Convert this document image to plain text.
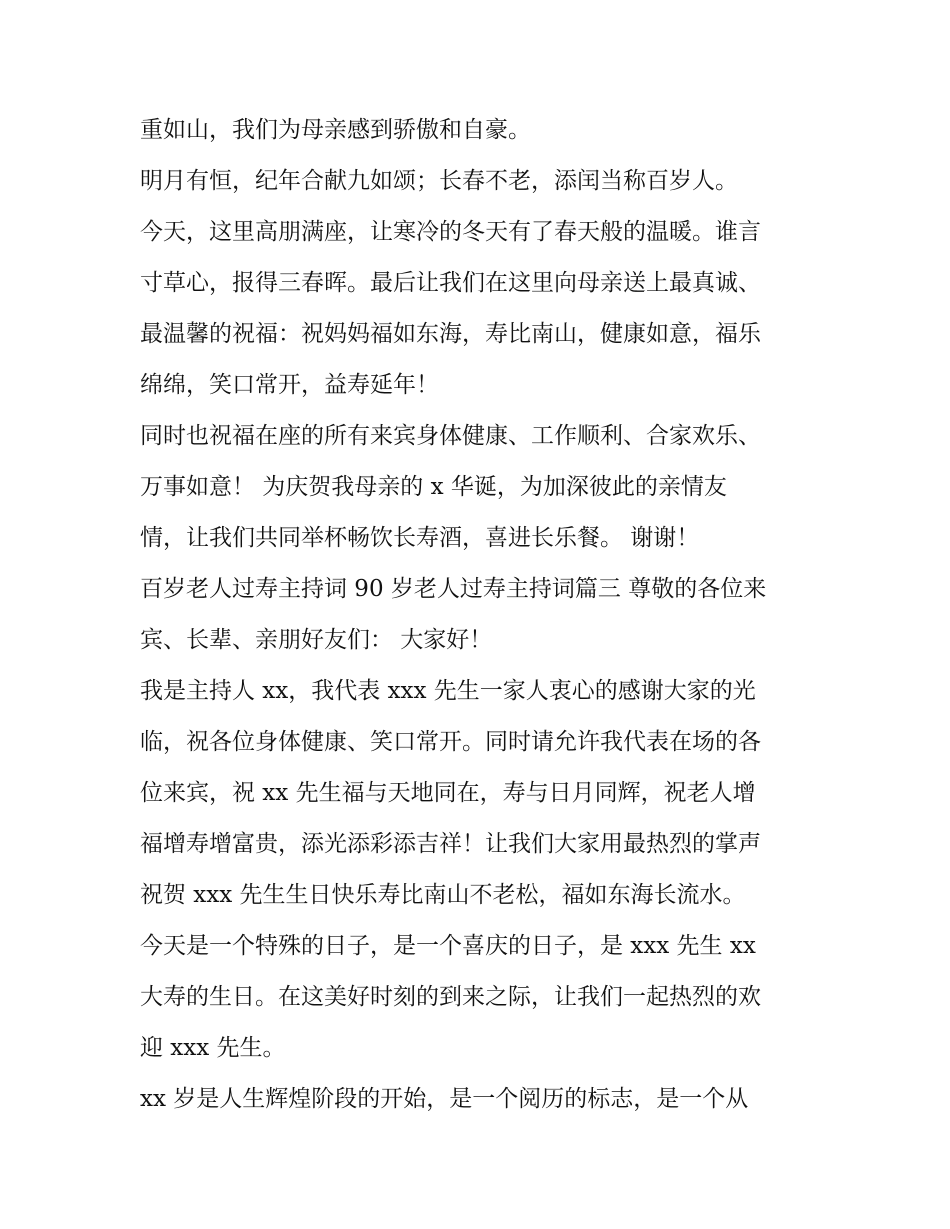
重如山，我们为母亲感到骄傲和自豪。
明月有恒，纪年合献九如颂；长春不老，添闰当称百岁人。
今天，这里高朋满座，让寒冷的冬天有了春天般的温暖。谁言
寸草心，报得三春晖。最后让我们在这里向母亲送上最真诚、
最温馨的祝福：祝妈妈福如东海，寿比南山，健康如意，福乐
绵绵，笑口常开，益寿延年！
同时也祝福在座的所有来宾身体健康、工作顺利、合家欢乐、
万事如意！ 为庆贺我母亲的 x 华诞，为加深彼此的亲情友
情，让我们共同举杯畅饮长寿酒，喜进长乐餐。 谢谢！
百岁老人过寿主持词 90 岁老人过寿主持词篇三 尊敬的各位来
宾、长辈、亲朋好友们： 大家好！
我是主持人 xx，我代表 xxx 先生一家人衷心的感谢大家的光
临，祝各位身体健康、笑口常开。同时请允许我代表在场的各
位来宾，祝 xx 先生福与天地同在，寿与日月同辉，祝老人增
福增寿增富贵，添光添彩添吉祥！让我们大家用最热烈的掌声
祝贺 xxx 先生生日快乐寿比南山不老松，福如东海长流水。
今天是一个特殊的日子，是一个喜庆的日子，是 xxx 先生 xx
大寿的生日。在这美好时刻的到来之际，让我们一起热烈的欢
迎 xxx 先生。
xx 岁是人生辉煌阶段的开始，是一个阅历的标志，是一个从
